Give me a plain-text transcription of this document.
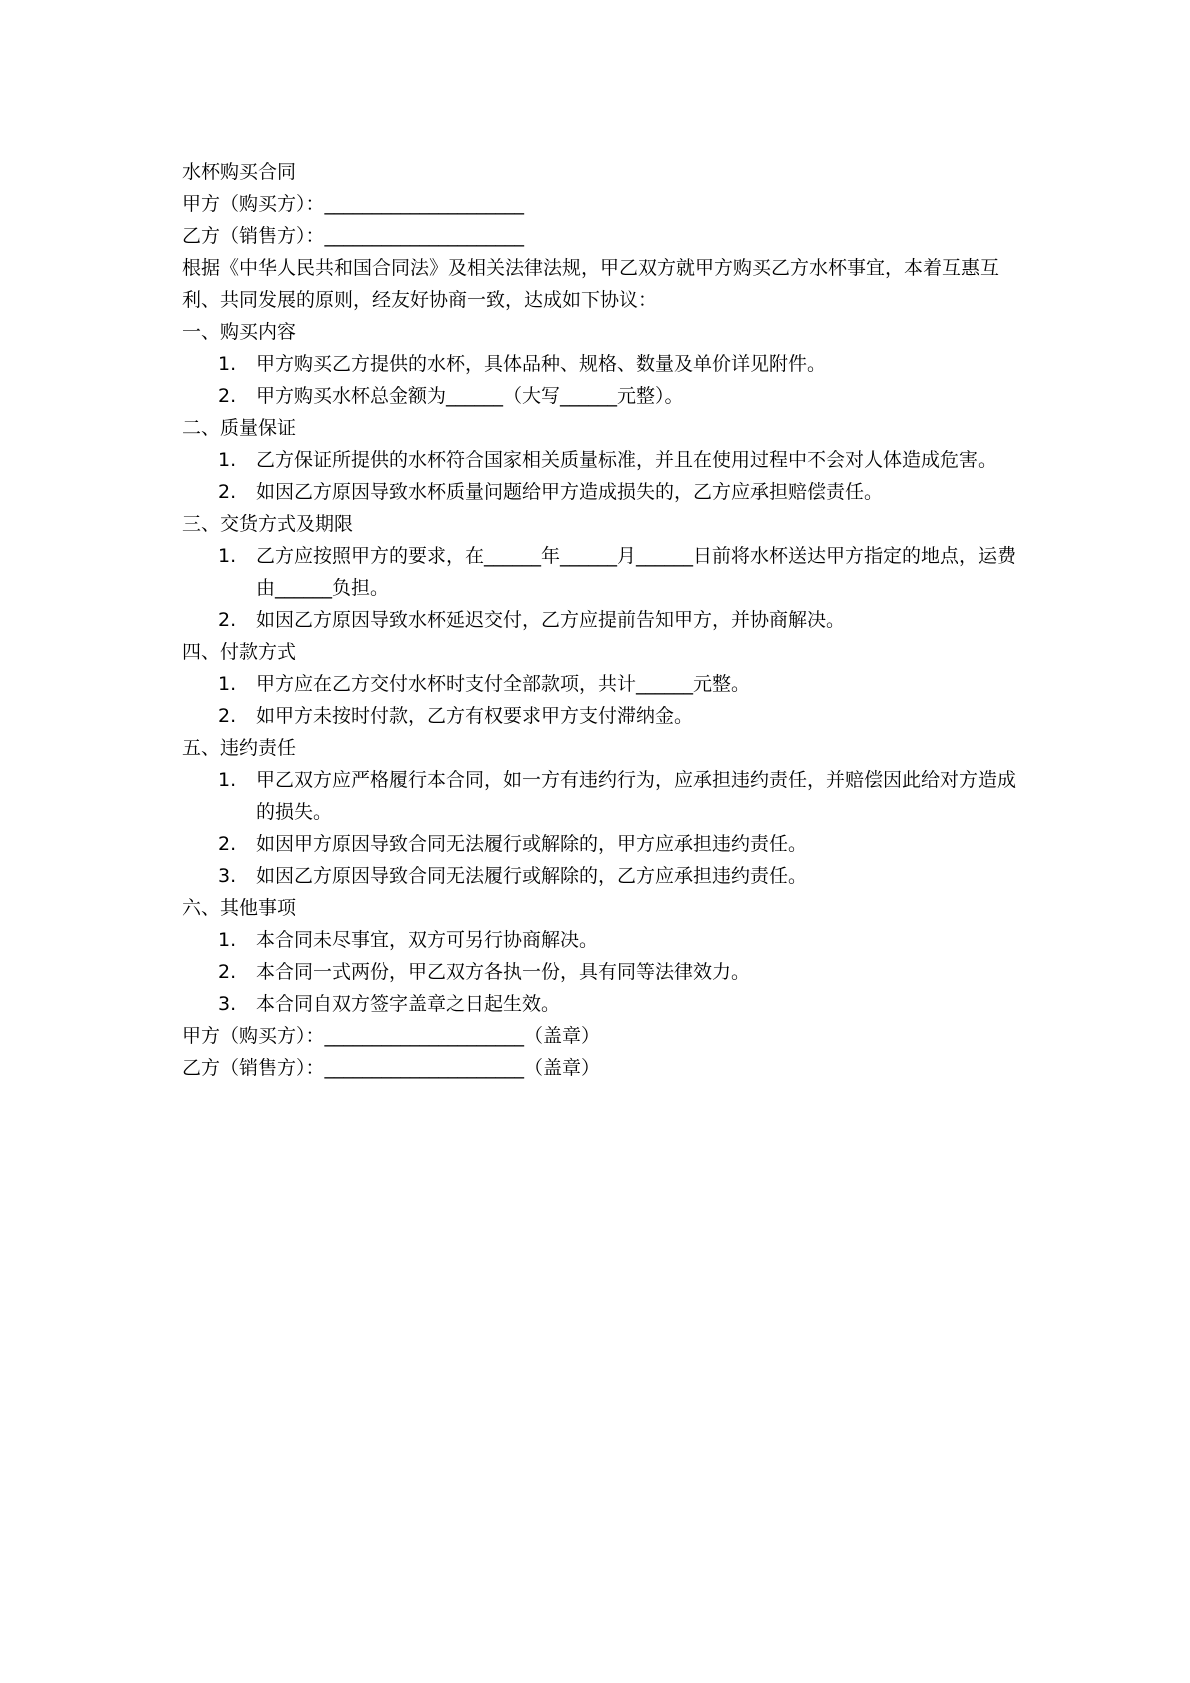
水杯购买合同
甲方（购买方）：_____________________
乙方（销售方）：_____________________
根据《中华人民共和国合同法》及相关法律法规，甲乙双方就甲方购买乙方水杯事宜，本着互惠互利、共同发展的原则，经友好协商一致，达成如下协议：
一、购买内容
1.	甲方购买乙方提供的水杯，具体品种、规格、数量及单价详见附件。
2.	甲方购买水杯总金额为______（大写______元整）。
二、质量保证
1.	乙方保证所提供的水杯符合国家相关质量标准，并且在使用过程中不会对人体造成危害。
2.	如因乙方原因导致水杯质量问题给甲方造成损失的，乙方应承担赔偿责任。
三、交货方式及期限
1.	乙方应按照甲方的要求，在______年______月______日前将水杯送达甲方指定的地点，运费由______负担。
2.	如因乙方原因导致水杯延迟交付，乙方应提前告知甲方，并协商解决。
四、付款方式
1.	甲方应在乙方交付水杯时支付全部款项，共计______元整。
2.	如甲方未按时付款，乙方有权要求甲方支付滞纳金。
五、违约责任
1.	甲乙双方应严格履行本合同，如一方有违约行为，应承担违约责任，并赔偿因此给对方造成的损失。
2.	如因甲方原因导致合同无法履行或解除的，甲方应承担违约责任。
3.	如因乙方原因导致合同无法履行或解除的，乙方应承担违约责任。
六、其他事项
1.	本合同未尽事宜，双方可另行协商解决。
2.	本合同一式两份，甲乙双方各执一份，具有同等法律效力。
3.	本合同自双方签字盖章之日起生效。
甲方（购买方）：_____________________（盖章）
乙方（销售方）：_____________________（盖章）
